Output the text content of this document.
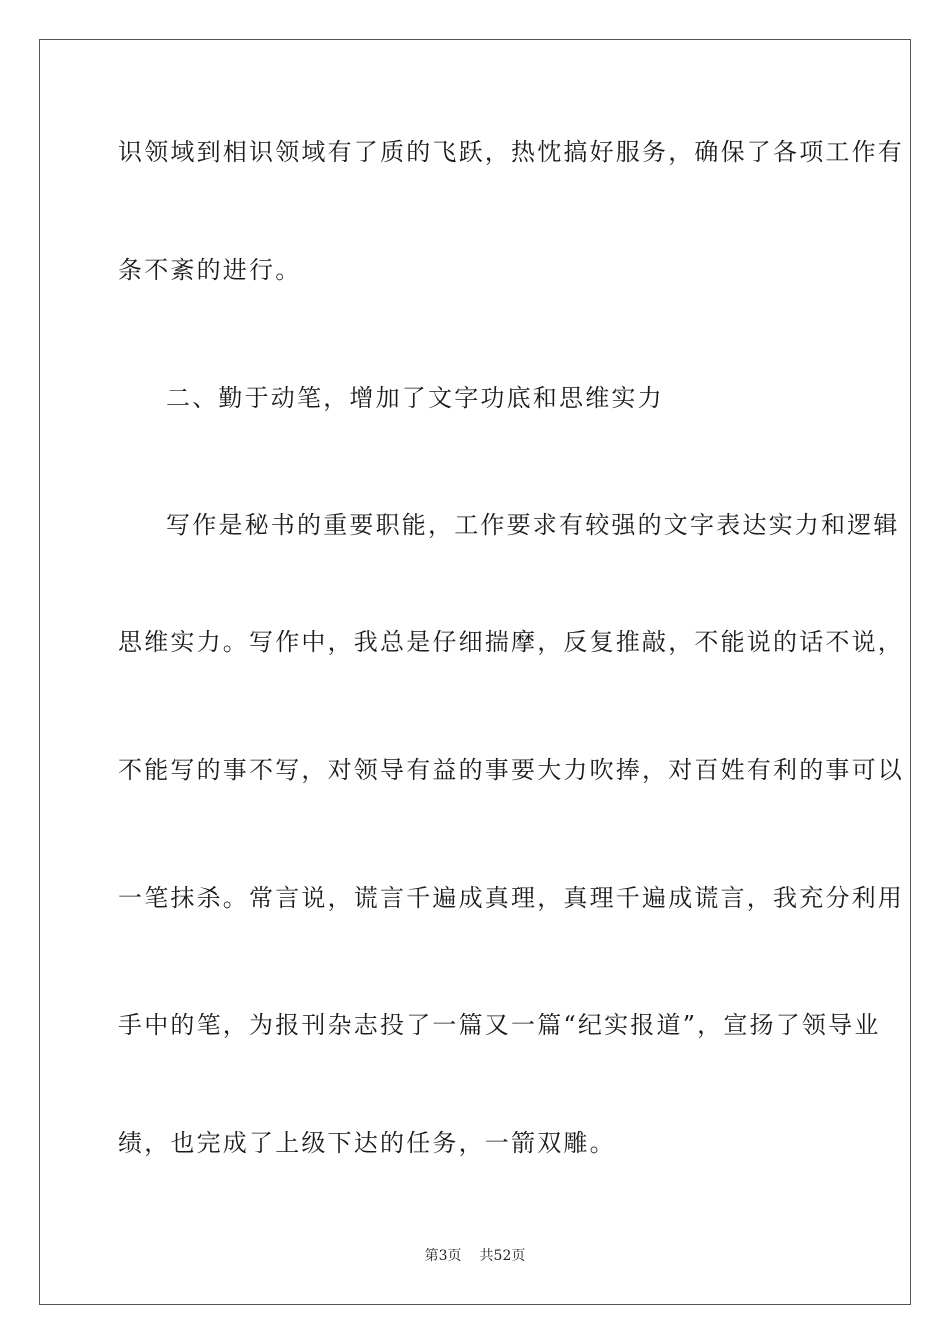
识领域到相识领域有了质的飞跃，热忱搞好服务，确保了各项工作有
条不紊的进行。
二、勤于动笔，增加了文字功底和思维实力
写作是秘书的重要职能，工作要求有较强的文字表达实力和逻辑
思维实力。写作中，我总是仔细揣摩，反复推敲，不能说的话不说，
不能写的事不写，对领导有益的事要大力吹捧，对百姓有利的事可以
一笔抹杀。常言说，谎言千遍成真理，真理千遍成谎言，我充分利用
手中的笔，为报刊杂志投了一篇又一篇“纪实报道”，宣扬了领导业
绩，也完成了上级下达的任务，一箭双雕。
第3页 共52页
